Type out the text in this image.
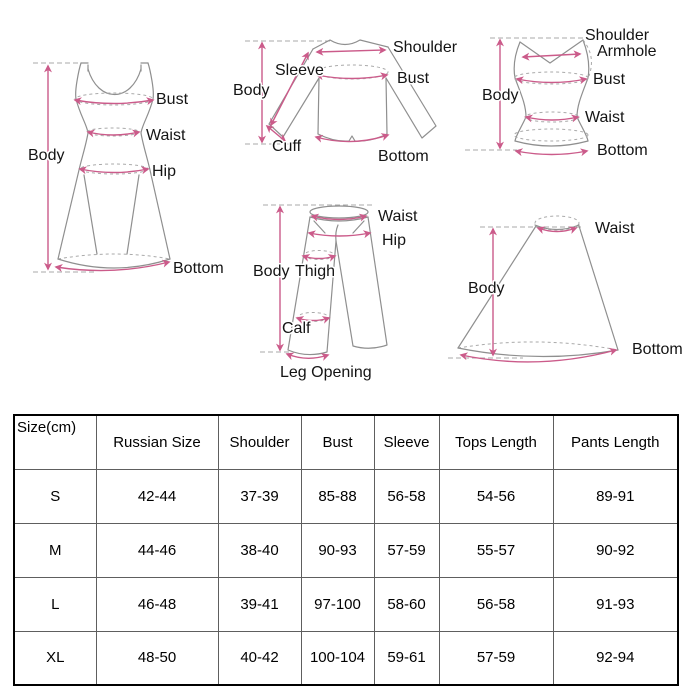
Bust
Waist
Hip
Body
Bottom
Shoulder
Sleeve
Body
Bust
Cuff
Bottom
Shoulder
Armhole
Bust
Waist
Bottom
Body
Waist
Hip
Body Thigh
Calf
Leg Opening
Waist
Body
Bottom
Size(cm)	Russian Size	Shoulder	Bust	Sleeve	Tops Length	Pants Length
S	42-44	37-39	85-88	56-58	54-56	89-91
M	44-46	38-40	90-93	57-59	55-57	90-92
L	46-48	39-41	97-100	58-60	56-58	91-93
XL	48-50	40-42	100-104	59-61	57-59	92-94
